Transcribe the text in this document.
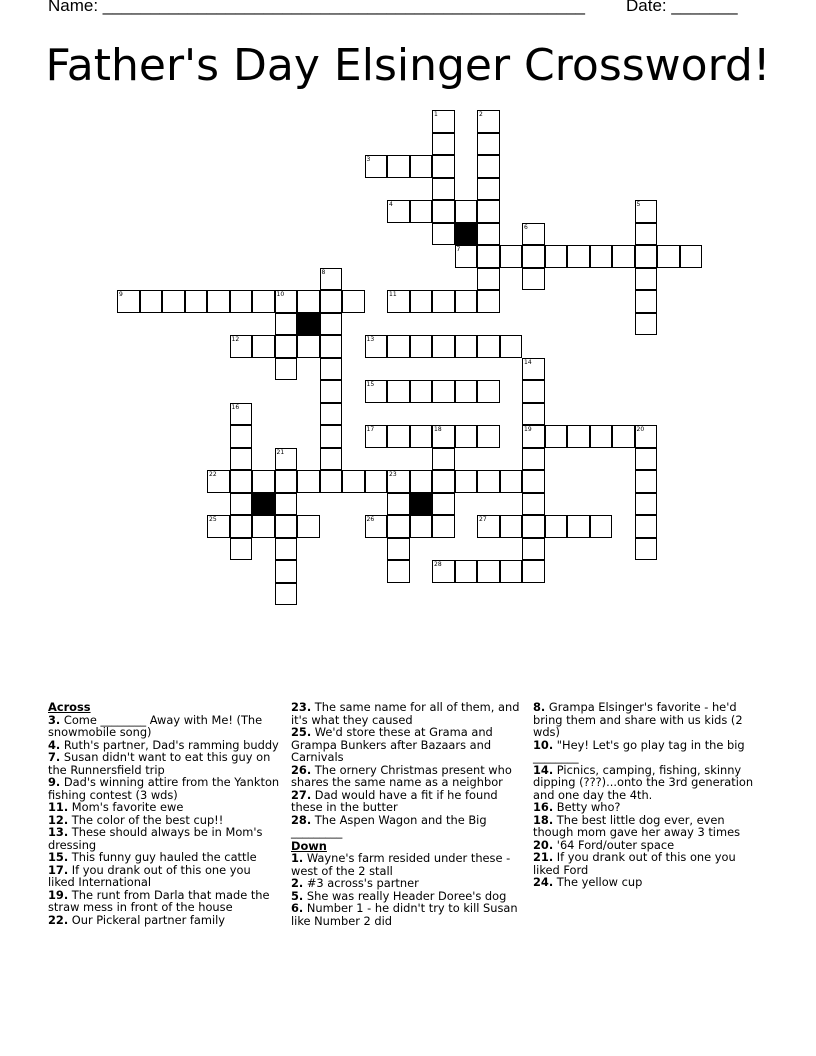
Name: ___________________________________________________ Date: _______
Father's Day Elsinger Crossword!
3
4
7
9	10	11
12	13
15
17	18	19	20
22	23
25	26	27
28
1	2
5
6
8
14
16
21
Across
3. Come ________ Away with Me! (The snowmobile song)
4. Ruth's partner, Dad's ramming buddy
7. Susan didn't want to eat this guy on the Runnersfield trip
9. Dad's winning attire from the Yankton fishing contest (3 wds)
11. Mom's favorite ewe
12. The color of the best cup!!
13. These should always be in Mom's dressing
15. This funny guy hauled the cattle
17. If you drank out of this one you liked International
19. The runt from Darla that made the straw mess in front of the house
22. Our Pickeral partner family
23. The same name for all of them, and it's what they caused
25. We'd store these at Grama and Grampa Bunkers after Bazaars and Carnivals
26. The ornery Christmas present who shares the same name as a neighbor
27. Dad would have a fit if he found these in the butter
28. The Aspen Wagon and the Big _________
Down
1. Wayne's farm resided under these - west of the 2 stall
2. #3 across's partner
5. She was really Header Doree's dog
6. Number 1 - he didn't try to kill Susan like Number 2 did
8. Grampa Elsinger's favorite - he'd bring them and share with us kids (2 wds)
10. "Hey! Let's go play tag in the big ________
14. Picnics, camping, fishing, skinny dipping (???)...onto the 3rd generation and one day the 4th.
16. Betty who?
18. The best little dog ever, even though mom gave her away 3 times
20. '64 Ford/outer space
21. If you drank out of this one you liked Ford
24. The yellow cup
